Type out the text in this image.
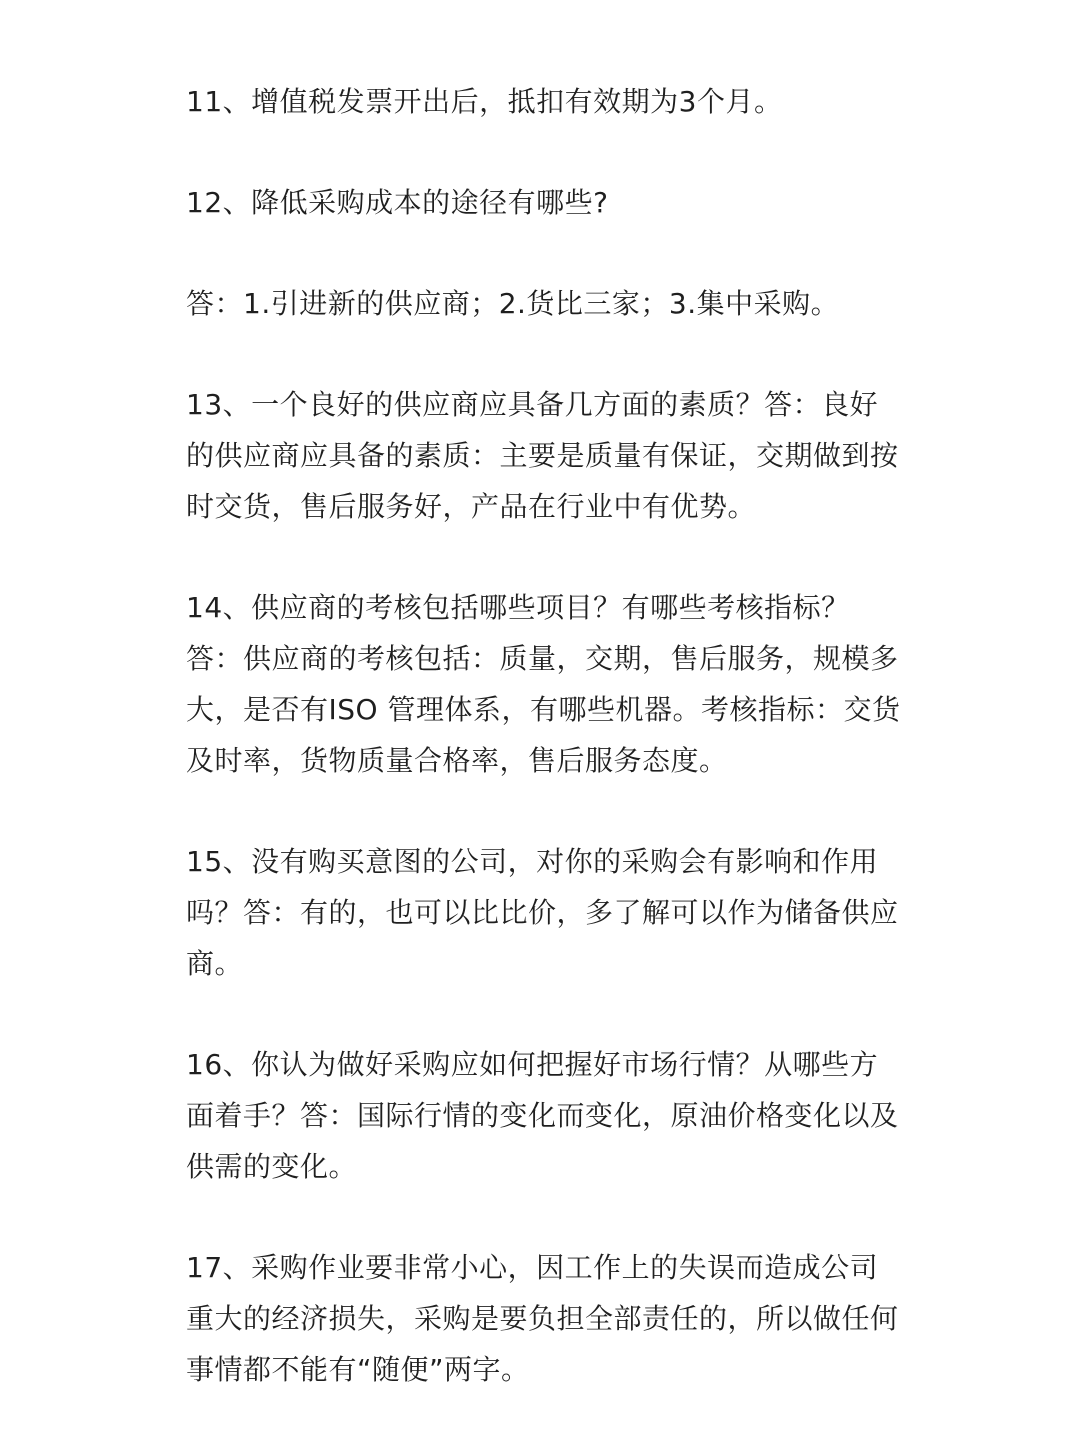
11、增值税发票开出后，抵扣有效期为3个月。

12、降低采购成本的途径有哪些?

答：1.引进新的供应商；2.货比三家；3.集中采购。

13、一个良好的供应商应具备几方面的素质？答：良好的供应商应具备的素质：主要是质量有保证，交期做到按时交货，售后服务好，产品在行业中有优势。

14、供应商的考核包括哪些项目？有哪些考核指标？答：供应商的考核包括：质量，交期，售后服务，规模多大，是否有ISO 管理体系，有哪些机器。考核指标：交货及时率，货物质量合格率，售后服务态度。

15、没有购买意图的公司，对你的采购会有影响和作用吗？答：有的，也可以比比价，多了解可以作为储备供应商。

16、你认为做好采购应如何把握好市场行情？从哪些方面着手？答：国际行情的变化而变化，原油价格变化以及供需的变化。

17、采购作业要非常小心，因工作上的失误而造成公司重大的经济损失，采购是要负担全部责任的，所以做任何事情都不能有“随便”两字。
